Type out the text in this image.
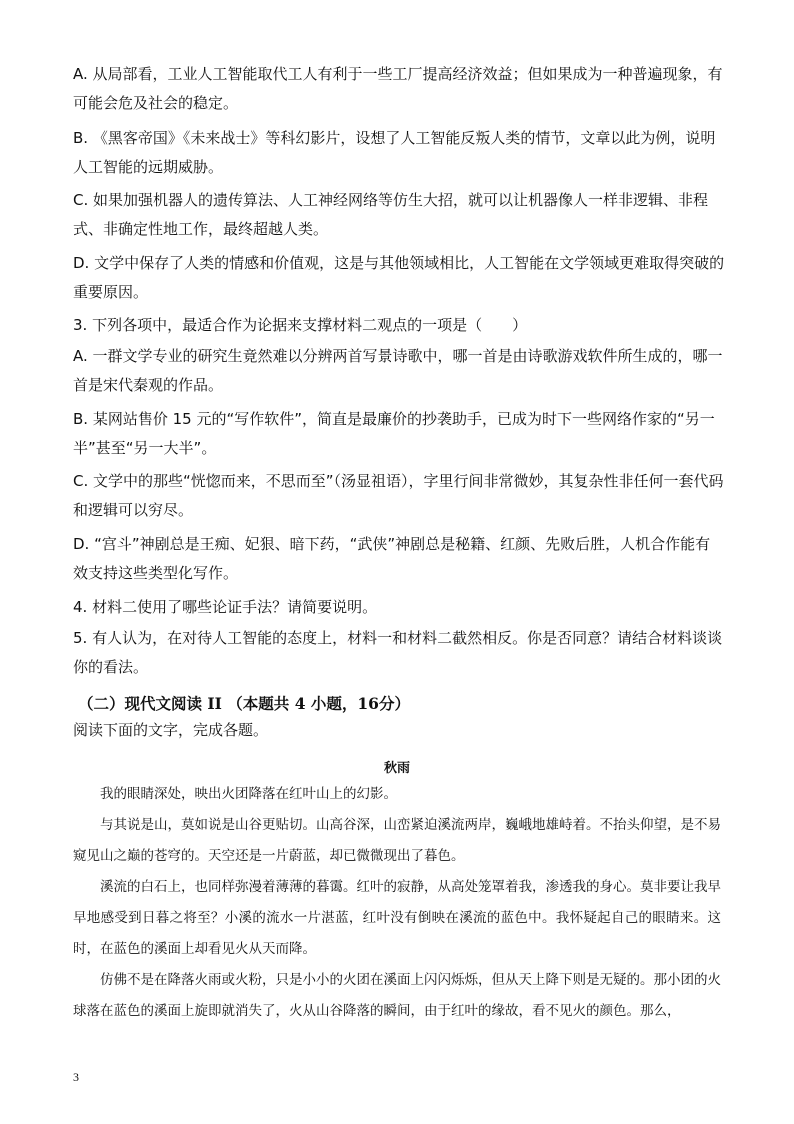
A. 从局部看，工业人工智能取代工人有利于一些工厂提高经济效益；但如果成为一种普遍现象，有可能会危及社会的稳定。

B. 《黑客帝国》《未来战士》等科幻影片，设想了人工智能反叛人类的情节，文章以此为例，说明人工智能的远期威胁。

C. 如果加强机器人的遗传算法、人工神经网络等仿生大招，就可以让机器像人一样非逻辑、非程式、非确定性地工作，最终超越人类。

D. 文学中保存了人类的情感和价值观，这是与其他领域相比，人工智能在文学领域更难取得突破的重要原因。

3. 下列各项中，最适合作为论据来支撑材料二观点的一项是（　　）

A. 一群文学专业的研究生竟然难以分辨两首写景诗歌中，哪一首是由诗歌游戏软件所生成的，哪一首是宋代秦观的作品。

B. 某网站售价 15 元的“写作软件”，简直是最廉价的抄袭助手，已成为时下一些网络作家的“另一半”甚至“另一大半”。

C. 文学中的那些“恍惚而来，不思而至”（汤显祖语），字里行间非常微妙，其复杂性非任何一套代码和逻辑可以穷尽。

D. “宫斗”神剧总是王痴、妃狠、暗下药，“武侠”神剧总是秘籍、红颜、先败后胜，人机合作能有效支持这些类型化写作。

4. 材料二使用了哪些论证手法？请简要说明。

5. 有人认为，在对待人工智能的态度上，材料一和材料二截然相反。你是否同意？请结合材料谈谈你的看法。

（二）现代文阅读 II （本题共 4 小题，16分）

阅读下面的文字，完成各题。

秋雨

我的眼睛深处，映出火团降落在红叶山上的幻影。

与其说是山，莫如说是山谷更贴切。山高谷深，山峦紧迫溪流两岸，巍峨地雄峙着。不抬头仰望，是不易窥见山之巅的苍穹的。天空还是一片蔚蓝，却已微微现出了暮色。

溪流的白石上，也同样弥漫着薄薄的暮霭。红叶的寂静，从高处笼罩着我，渗透我的身心。莫非要让我早早地感受到日暮之将至？小溪的流水一片湛蓝，红叶没有倒映在溪流的蓝色中。我怀疑起自己的眼睛来。这时，在蓝色的溪面上却看见火从天而降。

仿佛不是在降落火雨或火粉，只是小小的火团在溪面上闪闪烁烁，但从天上降下则是无疑的。那小团的火球落在蓝色的溪面上旋即就消失了，火从山谷降落的瞬间，由于红叶的缘故，看不见火的颜色。那么，

3
